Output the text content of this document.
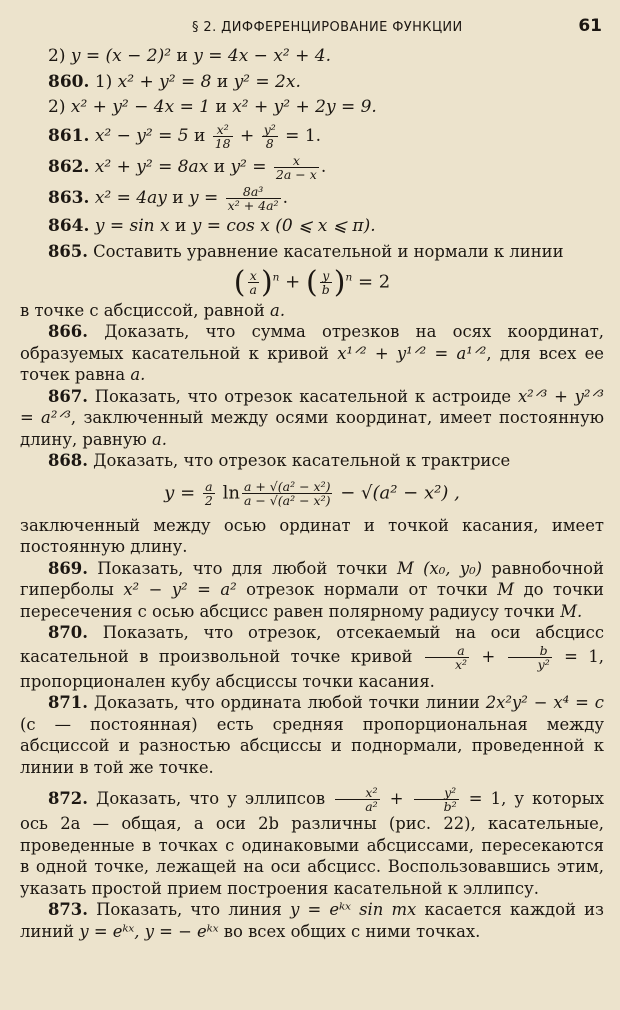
§ 2. ДИФФЕРЕНЦИРОВАНИЕ ФУНКЦИИ	61
2) y = (x − 2)² и y = 4x − x² + 4.
860. 1) x² + y² = 8 и y² = 2x.
2) x² + y² − 4x = 1 и x² + y² + 2y = 9.
861. x² − y² = 5 и $\frac{\text{x²}}{18} + \frac{\text{y²}}{8} = 1$.
862. x² + y² = 8ax и $y^2 = \frac{x}{2a - x}$ .
863. x² = 4ay и $y = \frac{\text{8a³}}{\text{x² + 4a²}}$ .
864. y = sin x и y = cos x (0 ⩽ x ⩽ π).

865. Составить уравнение касательной и нормали к линии

( $\frac{x}{a} )^n$ + ( $\frac{y}{b} )^n = 2$

в точке с абсциссой, равной a.

866. Доказать, что сумма отрезков на осях координат, образуемых касательной к кривой x¹ᐟ² + y¹ᐟ² = a¹ᐟ², для всех ее точек равна a.

867. Показать, что отрезок касательной к астроиде x²ᐟ³ + y²ᐟ³ = a²ᐟ³, заключенный между осями координат, имеет постоянную длину, равную a.

868. Доказать, что отрезок касательной к трактрисе

$y = \frac{a}{2}$ $\ln \frac{\text{a + √(a² − x²)}}{\text{a − √(a² − x²)}} - √(a^2 - x^2)$ ,

заключенный между осью ординат и точкой касания, имеет постоянную длину.

869. Показать, что для любой точки M (x₀, y₀) равнобочной гиперболы x² − y² = a² отрезок нормали от точки M до точки пересечения с осью абсцисс равен полярному радиусу точки M.

870. Показать, что отрезок, отсекаемый на оси абсцисс касательной в произвольной точке кривой $\frac{a}{\text{x²}} + \frac{b}{\text{y²}} = 1$, пропорционален кубу абсциссы точки касания.

871. Доказать, что ордината любой точки линии 2x²y² − x⁴ = c (c — постоянная) есть средняя пропорциональная между абсциссой и разностью абсциссы и поднормали, проведенной к линии в той же точке.

872. Доказать, что у эллипсов $\frac{\text{x²}}{\text{a²}} + \frac{\text{y²}}{\text{b²}} = 1$, у которых ось 2a — общая, а оси 2b различны (рис. 22), касательные, проведенные в точках с одинаковыми абсциссами, пересекаются в одной точке, лежащей на оси абсцисс. Воспользовавшись этим, указать простой прием построения касательной к эллипсу.

873. Показать, что линия y = eᵏˣ sin mx касается каждой из линий y = eᵏˣ, y = − eᵏˣ во всех общих с ними точках.
